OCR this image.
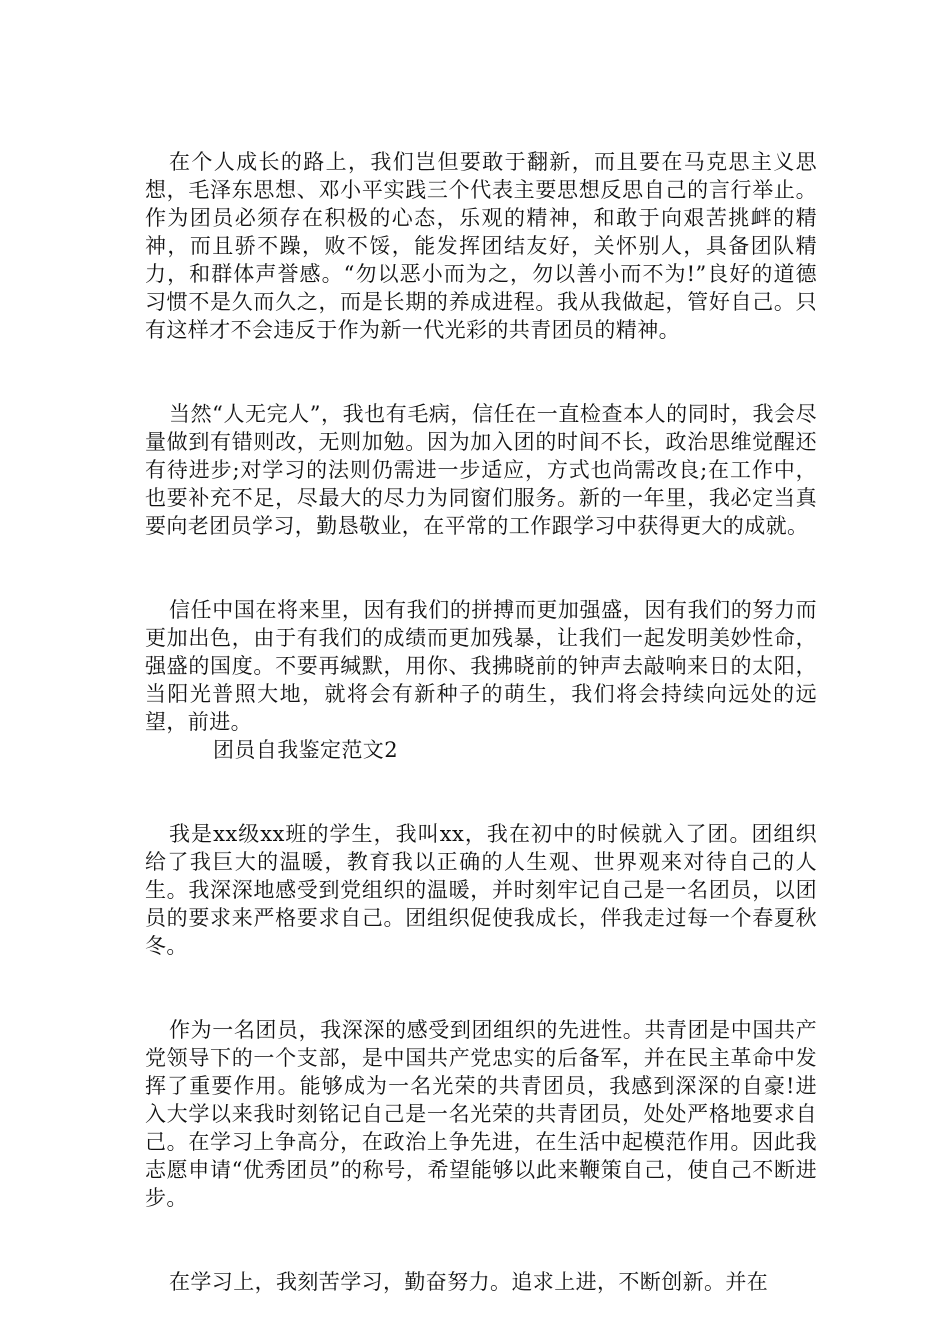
在个人成长的路上，我们岂但要敢于翻新，而且要在马克思主义思想，毛泽东思想、邓小平实践三个代表主要思想反思自己的言行举止。作为团员必须存在积极的心态，乐观的精神，和敢于向艰苦挑衅的精神，而且骄不躁，败不馁，能发挥团结友好，关怀别人，具备团队精力，和群体声誉感。“勿以恶小而为之，勿以善小而不为!”良好的道德习惯不是久而久之，而是长期的养成进程。我从我做起，管好自己。只有这样才不会违反于作为新一代光彩的共青团员的精神。

当然“人无完人”，我也有毛病，信任在一直检查本人的同时，我会尽量做到有错则改，无则加勉。因为加入团的时间不长，政治思维觉醒还有待进步;对学习的法则仍需进一步适应，方式也尚需改良;在工作中，也要补充不足，尽最大的尽力为同窗们服务。新的一年里，我必定当真要向老团员学习，勤恳敬业，在平常的工作跟学习中获得更大的成就。

信任中国在将来里，因有我们的拼搏而更加强盛，因有我们的努力而更加出色，由于有我们的成绩而更加残暴，让我们一起发明美妙性命，强盛的国度。不要再缄默，用你、我拂晓前的钟声去敲响来日的太阳，当阳光普照大地，就将会有新种子的萌生，我们将会持续向远处的远望，前进。

团员自我鉴定范文2

我是xx级xx班的学生，我叫xx，我在初中的时候就入了团。团组织给了我巨大的温暖，教育我以正确的人生观、世界观来对待自己的人生。我深深地感受到党组织的温暖，并时刻牢记自己是一名团员，以团员的要求来严格要求自己。团组织促使我成长，伴我走过每一个春夏秋冬。

作为一名团员，我深深的感受到团组织的先进性。共青团是中国共产党领导下的一个支部，是中国共产党忠实的后备军，并在民主革命中发挥了重要作用。能够成为一名光荣的共青团员，我感到深深的自豪!进入大学以来我时刻铭记自己是一名光荣的共青团员，处处严格地要求自己。在学习上争高分，在政治上争先进，在生活中起模范作用。因此我志愿申请“优秀团员”的称号，希望能够以此来鞭策自己，使自己不断进步。

在学习上，我刻苦学习，勤奋努力。追求上进，不断创新。并在
